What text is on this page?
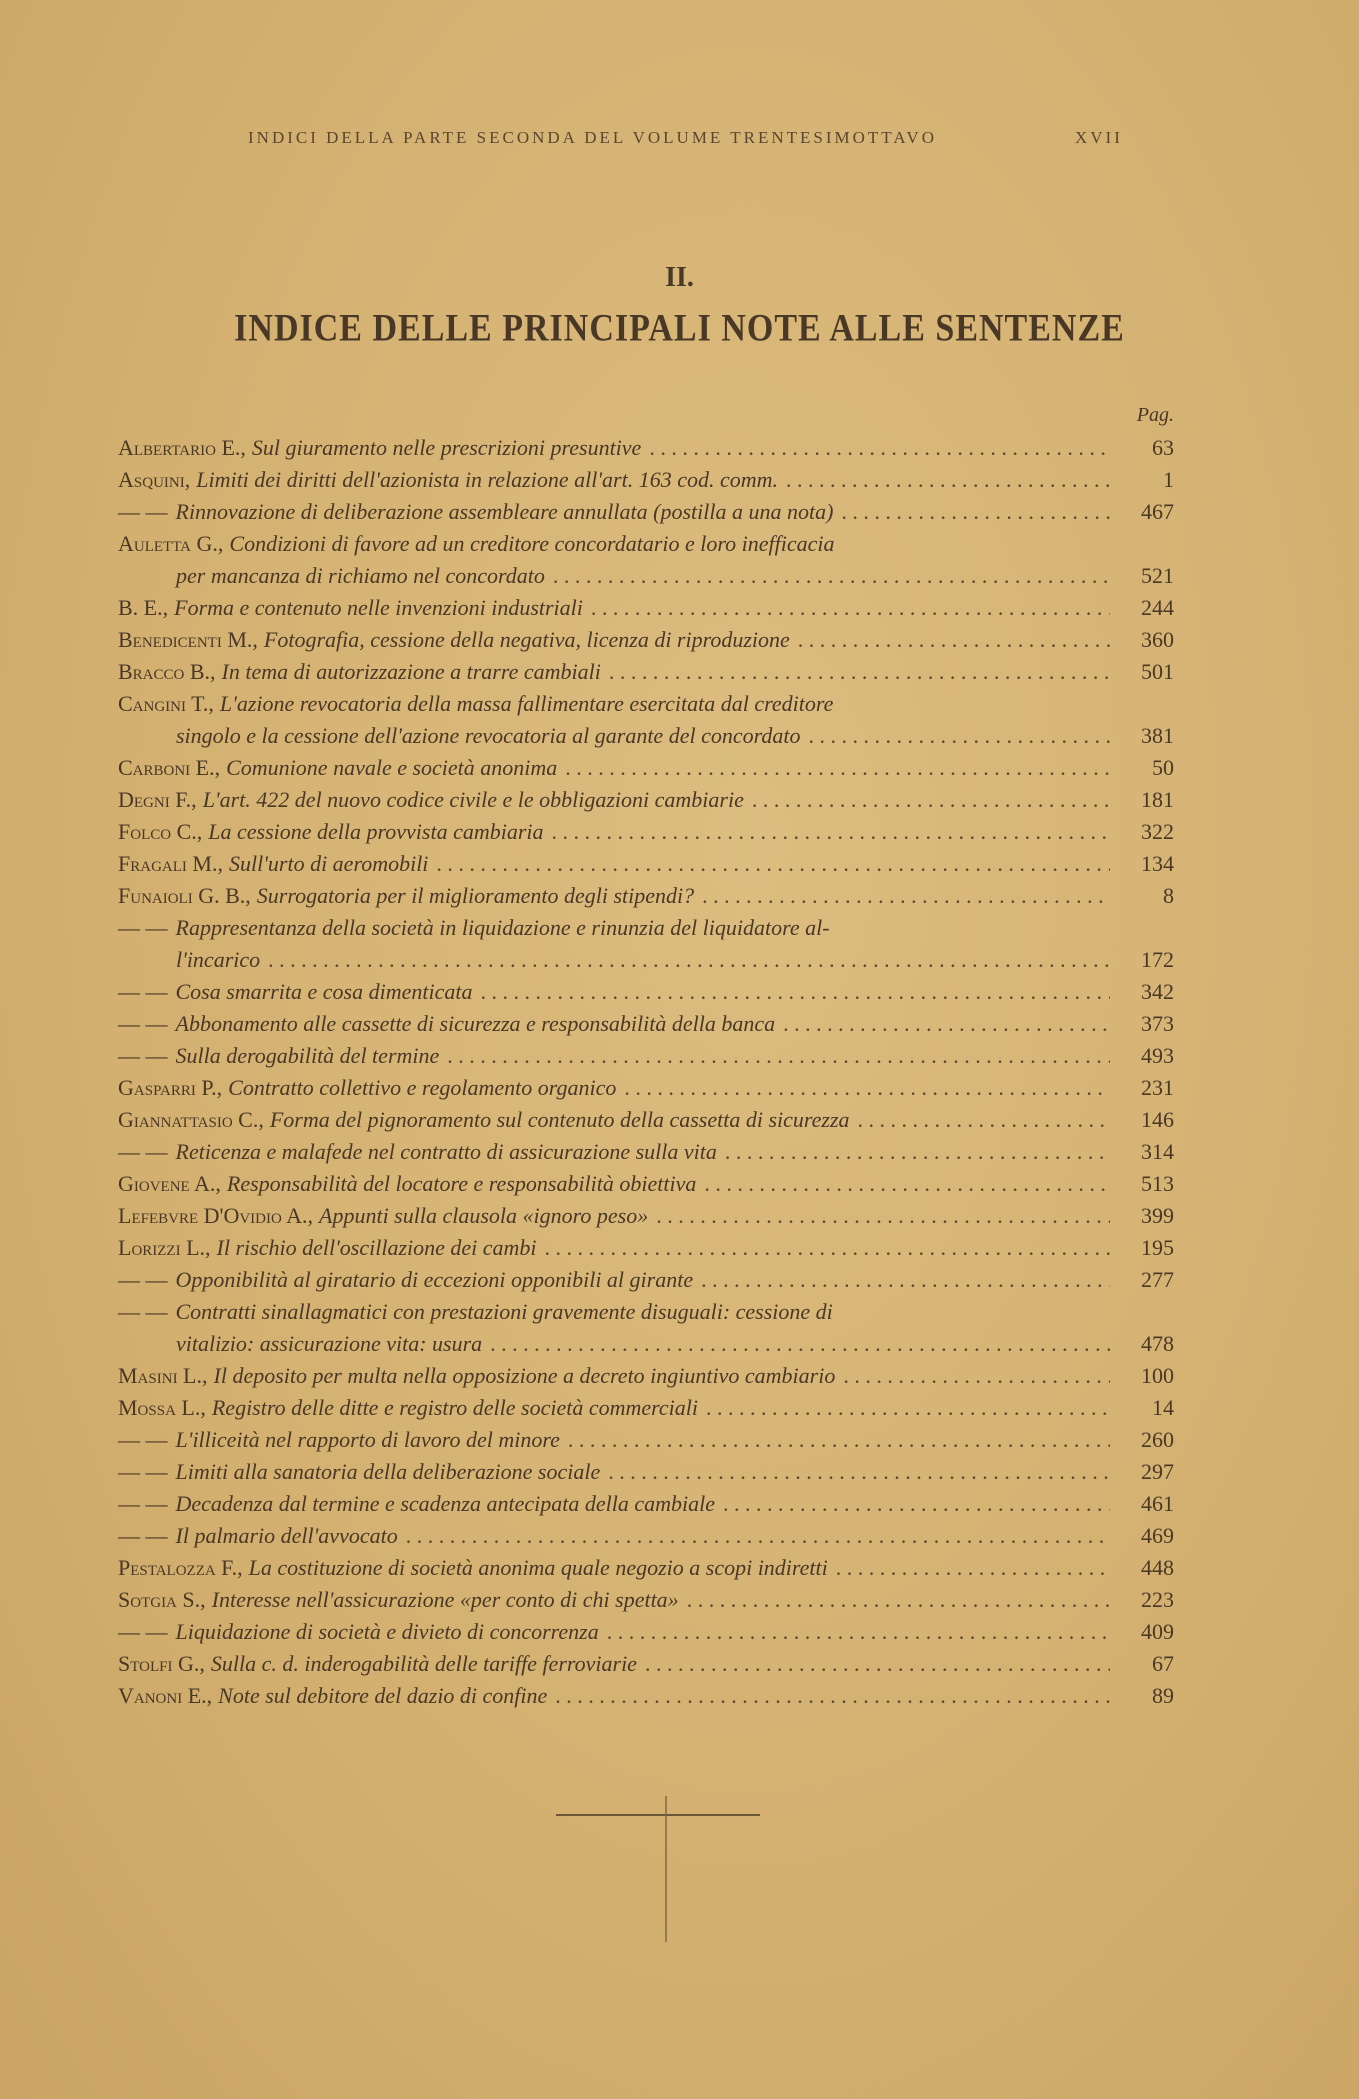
INDICI DELLA PARTE SECONDA DEL VOLUME TRENTESIMOTTAVO	XVII
II.
INDICE DELLE PRINCIPALI NOTE ALLE SENTENZE
Pag.
Albertario E., Sul giuramento nelle prescrizioni presuntive . . .	63
Asquini, Limiti dei diritti dell'azionista in relazione all'art. 163 cod. comm. . . .	1
— — Rinnovazione di deliberazione assembleare annullata (postilla a una nota) . . .	467
Auletta G., Condizioni di favore ad un creditore concordatario e loro inefficacia
per mancanza di richiamo nel concordato . . .	521
B. E., Forma e contenuto nelle invenzioni industriali . . .	244
Benedicenti M., Fotografia, cessione della negativa, licenza di riproduzione . . .	360
Bracco B., In tema di autorizzazione a trarre cambiali . . .	501
Cangini T., L'azione revocatoria della massa fallimentare esercitata dal creditore
singolo e la cessione dell'azione revocatoria al garante del concordato . . .	381
Carboni E., Comunione navale e società anonima . . .	50
Degni F., L'art. 422 del nuovo codice civile e le obbligazioni cambiarie . . .	181
Folco C., La cessione della provvista cambiaria . . .	322
Fragali M., Sull'urto di aeromobili . . .	134
Funaioli G. B., Surrogatoria per il miglioramento degli stipendi? . . .	8
— — Rappresentanza della società in liquidazione e rinunzia del liquidatore al-
l'incarico . . .	172
— — Cosa smarrita e cosa dimenticata . . .	342
— — Abbonamento alle cassette di sicurezza e responsabilità della banca . . .	373
— — Sulla derogabilità del termine . . .	493
Gasparri P., Contratto collettivo e regolamento organico . . .	231
Giannattasio C., Forma del pignoramento sul contenuto della cassetta di sicurezza . . .	146
— — Reticenza e malafede nel contratto di assicurazione sulla vita . . .	314
Giovene A., Responsabilità del locatore e responsabilità obiettiva . . .	513
Lefebvre D'Ovidio A., Appunti sulla clausola «ignoro peso» . . .	399
Lorizzi L., Il rischio dell'oscillazione dei cambi . . .	195
— — Opponibilità al giratario di eccezioni opponibili al girante . . .	277
— — Contratti sinallagmatici con prestazioni gravemente disuguali: cessione di
vitalizio: assicurazione vita: usura . . .	478
Masini L., Il deposito per multa nella opposizione a decreto ingiuntivo cambiario . . .	100
Mossa L., Registro delle ditte e registro delle società commerciali . . .	14
— — L'illiceità nel rapporto di lavoro del minore . . .	260
— — Limiti alla sanatoria della deliberazione sociale . . .	297
— — Decadenza dal termine e scadenza antecipata della cambiale . . .	461
— — Il palmario dell'avvocato . . .	469
Pestalozza F., La costituzione di società anonima quale negozio a scopi indiretti . . .	448
Sotgia S., Interesse nell'assicurazione «per conto di chi spetta» . . .	223
— — Liquidazione di società e divieto di concorrenza . . .	409
Stolfi G., Sulla c. d. inderogabilità delle tariffe ferroviarie . . .	67
Vanoni E., Note sul debitore del dazio di confine . . .	89
